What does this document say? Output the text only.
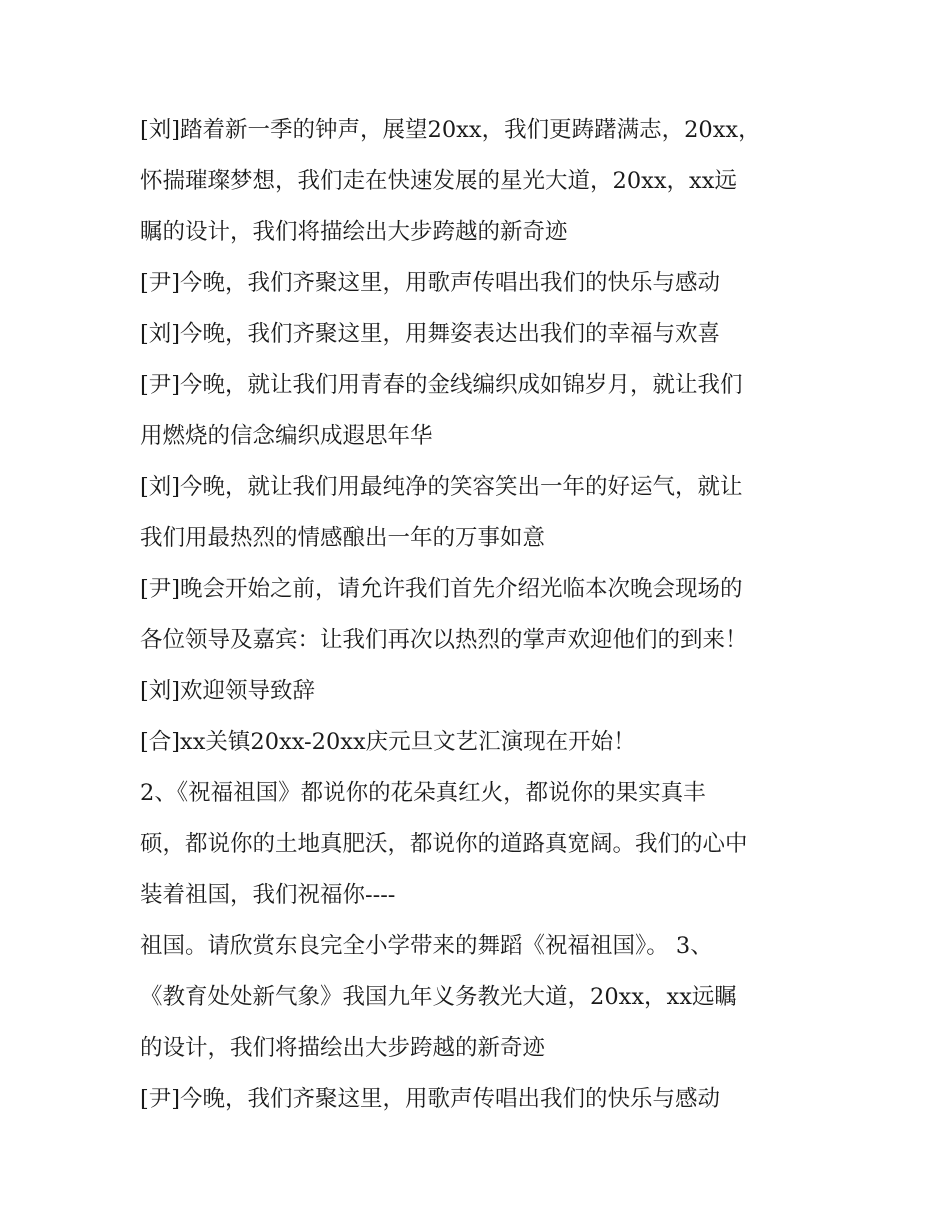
[刘]踏着新一季的钟声，展望20xx，我们更踌躇满志，20xx，
怀揣璀璨梦想，我们走在快速发展的星光大道，20xx，xx远
瞩的设计，我们将描绘出大步跨越的新奇迹
[尹]今晚，我们齐聚这里，用歌声传唱出我们的快乐与感动
[刘]今晚，我们齐聚这里，用舞姿表达出我们的幸福与欢喜
[尹]今晚，就让我们用青春的金线编织成如锦岁月，就让我们
用燃烧的信念编织成遐思年华
[刘]今晚，就让我们用最纯净的笑容笑出一年的好运气，就让
我们用最热烈的情感酿出一年的万事如意
[尹]晚会开始之前，请允许我们首先介绍光临本次晚会现场的
各位领导及嘉宾：让我们再次以热烈的掌声欢迎他们的到来！
[刘]欢迎领导致辞
[合]xx关镇20xx-20xx庆元旦文艺汇演现在开始！
2、《祝福祖国》都说你的花朵真红火，都说你的果实真丰
硕，都说你的土地真肥沃，都说你的道路真宽阔。我们的心中
装着祖国，我们祝福你----
祖国。请欣赏东良完全小学带来的舞蹈《祝福祖国》。 3、
《教育处处新气象》我国九年义务教光大道，20xx，xx远瞩
的设计，我们将描绘出大步跨越的新奇迹
[尹]今晚，我们齐聚这里，用歌声传唱出我们的快乐与感动
